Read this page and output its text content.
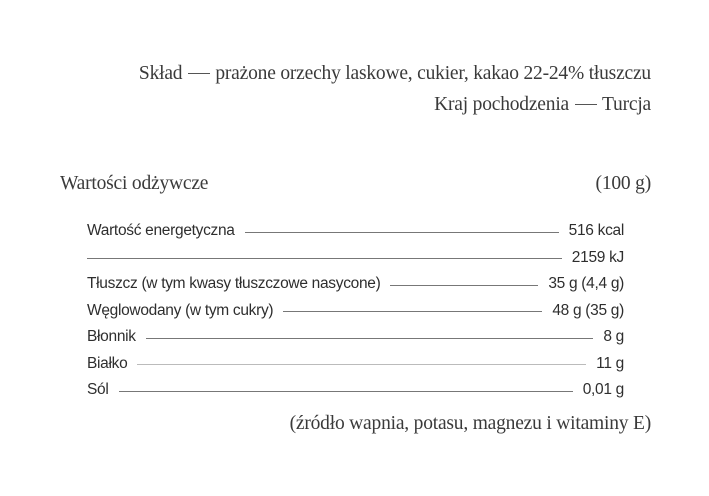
Skład prażone orzechy laskowe, cukier, kakao 22-24% tłuszczu
Kraj pochodzenia Turcja
Wartości odżywcze	(100 g)
Wartość energetyczna	516 kcal
2159 kJ
Tłuszcz (w tym kwasy tłuszczowe nasycone)	35 g (4,4 g)
Węglowodany (w tym cukry)	48 g (35 g)
Błonnik	8 g
Białko	11 g
Sól	0,01 g
(źródło wapnia, potasu, magnezu i witaminy E)
